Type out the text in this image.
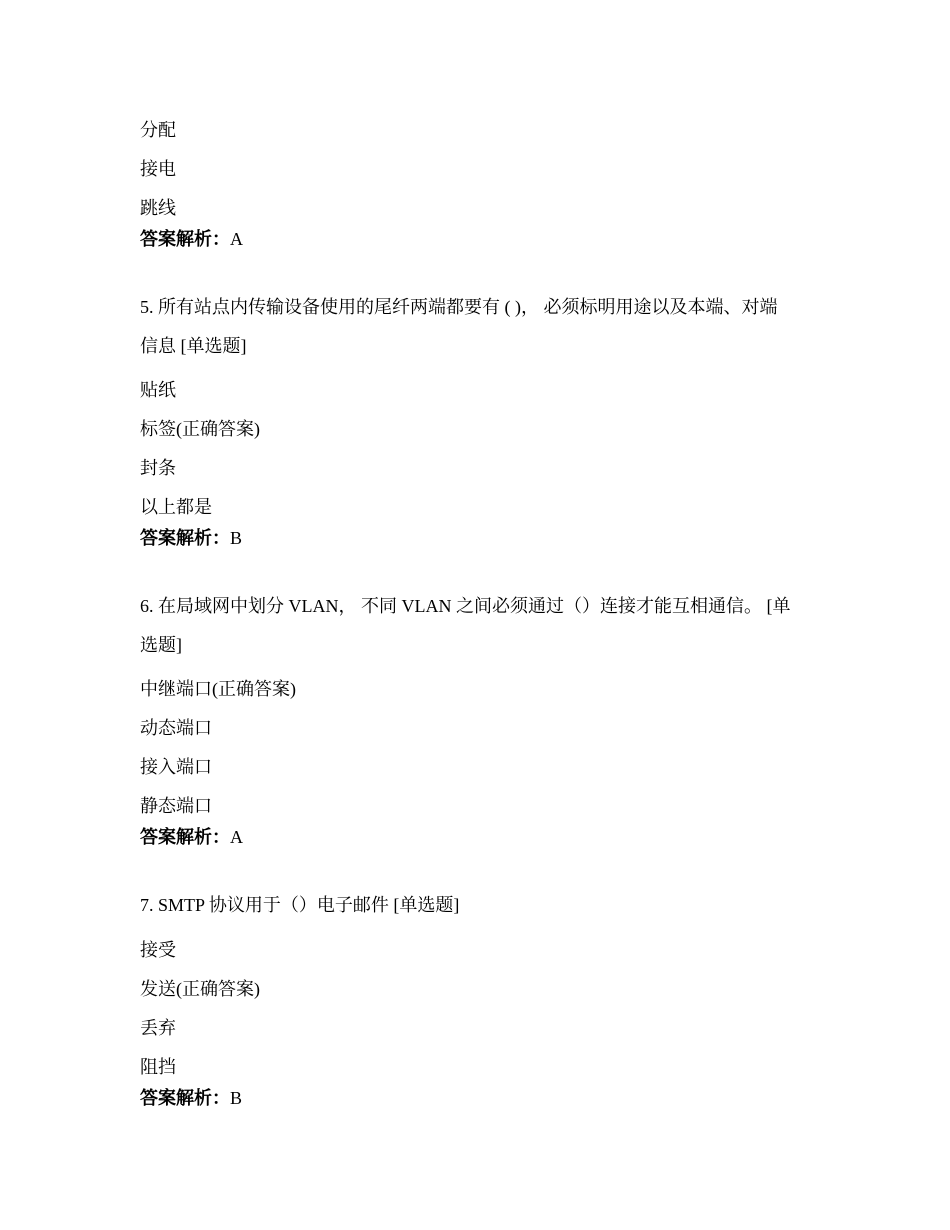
分配
接电
跳线
答案解析：A
5. 所有站点内传输设备使用的尾纤两端都要有 ( )， 必须标明用途以及本端、对端
信息 [单选题]
贴纸
标签(正确答案)
封条
以上都是
答案解析：B
6. 在局域网中划分 VLAN， 不同 VLAN 之间必须通过（）连接才能互相通信。 [单
选题]
中继端口(正确答案)
动态端口
接入端口
静态端口
答案解析：A
7. SMTP 协议用于（）电子邮件 [单选题]
接受
发送(正确答案)
丢弃
阻挡
答案解析：B
